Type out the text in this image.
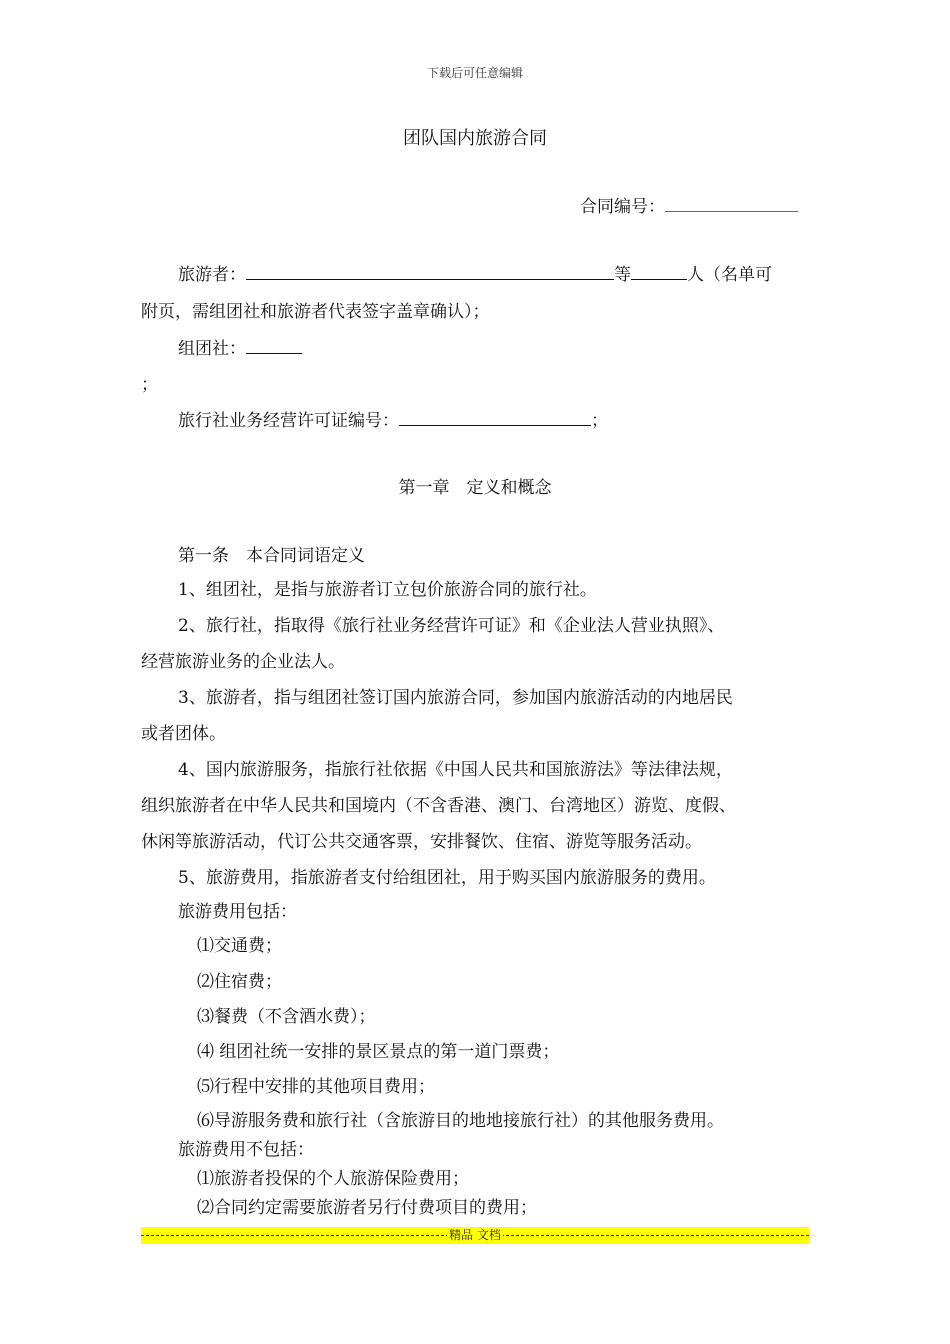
下载后可任意编辑
团队国内旅游合同
合同编号：
旅游者：	等	人（名单可
附页，需组团社和旅游者代表签字盖章确认）；
组团社：
；
旅行社业务经营许可证编号：	；
第一章　定义和概念
第一条　本合同词语定义
1、组团社，是指与旅游者订立包价旅游合同的旅行社。
2、旅行社，指取得《旅行社业务经营许可证》和《企业法人营业执照》、
经营旅游业务的企业法人。
3、旅游者，指与组团社签订国内旅游合同，参加国内旅游活动的内地居民
或者团体。
4、国内旅游服务，指旅行社依据《中国人民共和国旅游法》等法律法规，
组织旅游者在中华人民共和国境内（不含香港、澳门、台湾地区）游览、度假、
休闲等旅游活动，代订公共交通客票，安排餐饮、住宿、游览等服务活动。
5、旅游费用，指旅游者支付给组团社，用于购买国内旅游服务的费用。
旅游费用包括：
⑴交通费；
⑵住宿费；
⑶餐费（不含酒水费）；
⑷ 组团社统一安排的景区景点的第一道门票费；
⑸行程中安排的其他项目费用；
⑹导游服务费和旅行社（含旅游目的地地接旅行社）的其他服务费用。
旅游费用不包括：
⑴旅游者投保的个人旅游保险费用；
⑵合同约定需要旅游者另行付费项目的费用；
精品 文档
